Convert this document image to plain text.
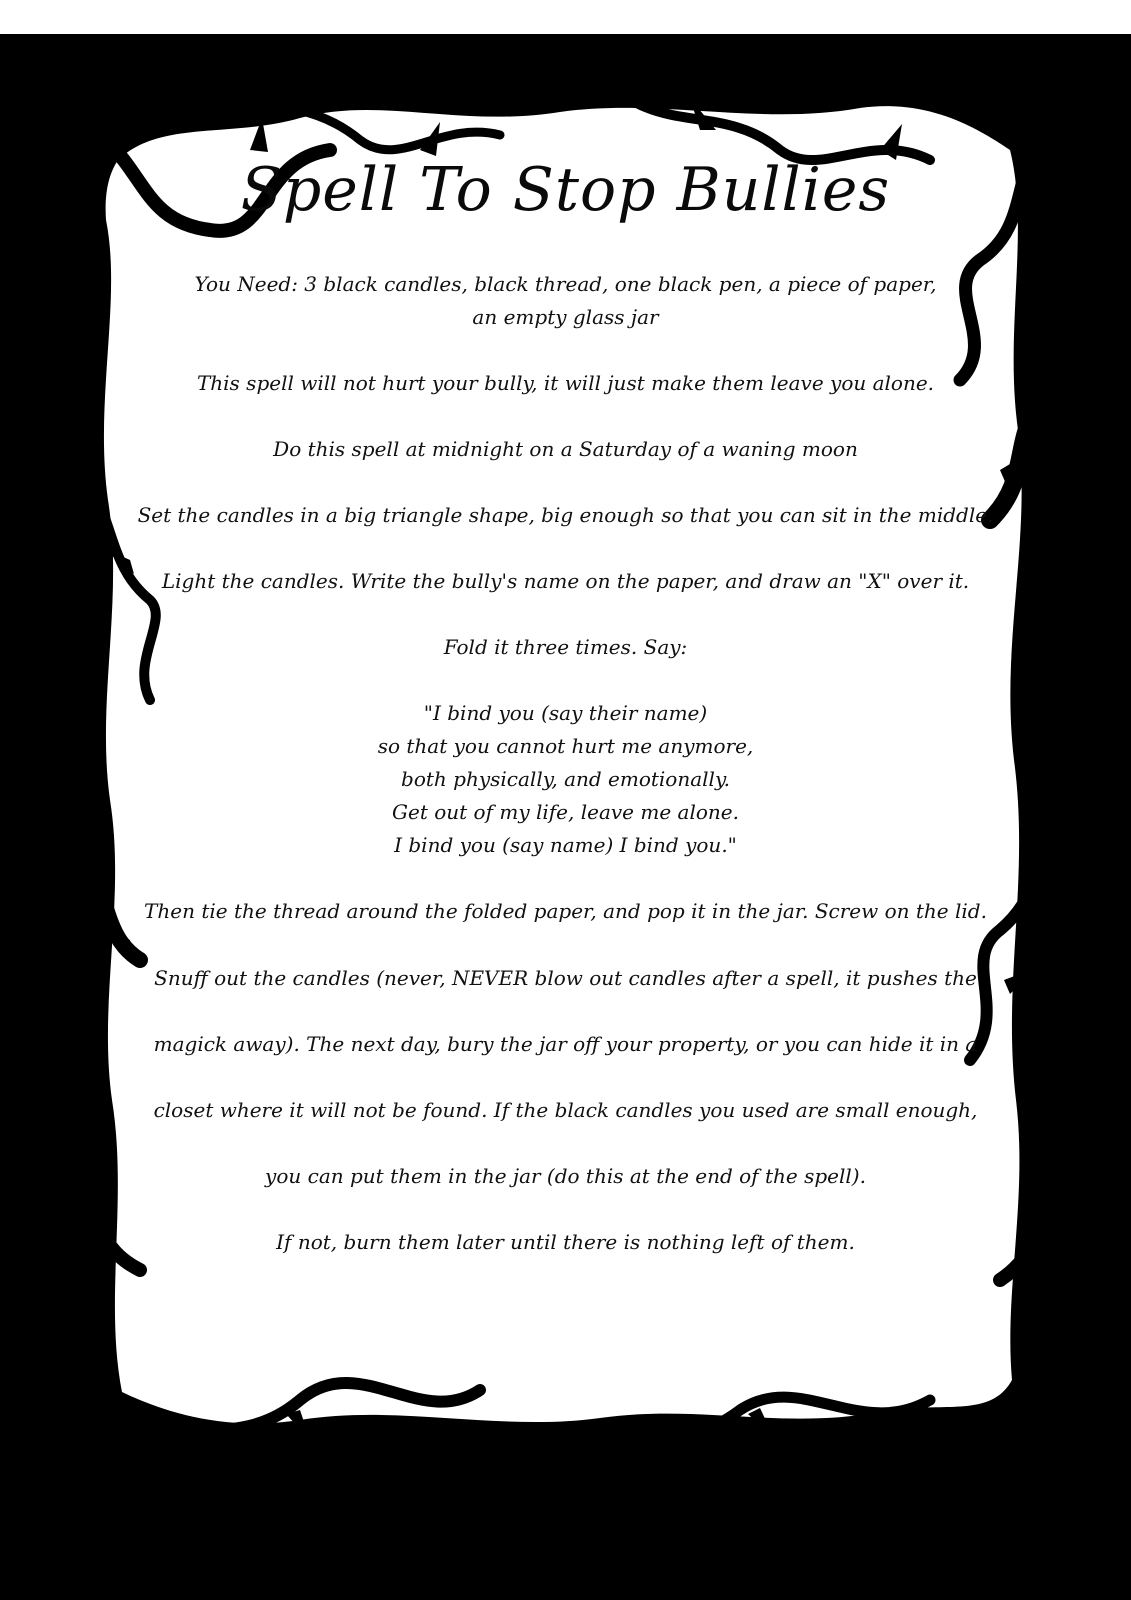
Spell To Stop Bullies
You Need: 3 black candles, black thread, one black pen, a piece of paper,
an empty glass jar
This spell will not hurt your bully, it will just make them leave you alone.
Do this spell at midnight on a Saturday of a waning moon
Set the candles in a big triangle shape, big enough so that you can sit in the middle.
Light the candles. Write the bully's name on the paper, and draw an "X" over it.
Fold it three times. Say:
"I bind you (say their name)
so that you cannot hurt me anymore,
both physically, and emotionally.
Get out of my life, leave me alone.
I bind you (say name) I bind you."
Then tie the thread around the folded paper, and pop it in the jar. Screw on the lid.
Snuff out the candles (never, NEVER blow out candles after a spell, it pushes the
magick away). The next day, bury the jar off your property, or you can hide it in a
closet where it will not be found. If the black candles you used are small enough,
you can put them in the jar (do this at the end of the spell).
If not, burn them later until there is nothing left of them.
